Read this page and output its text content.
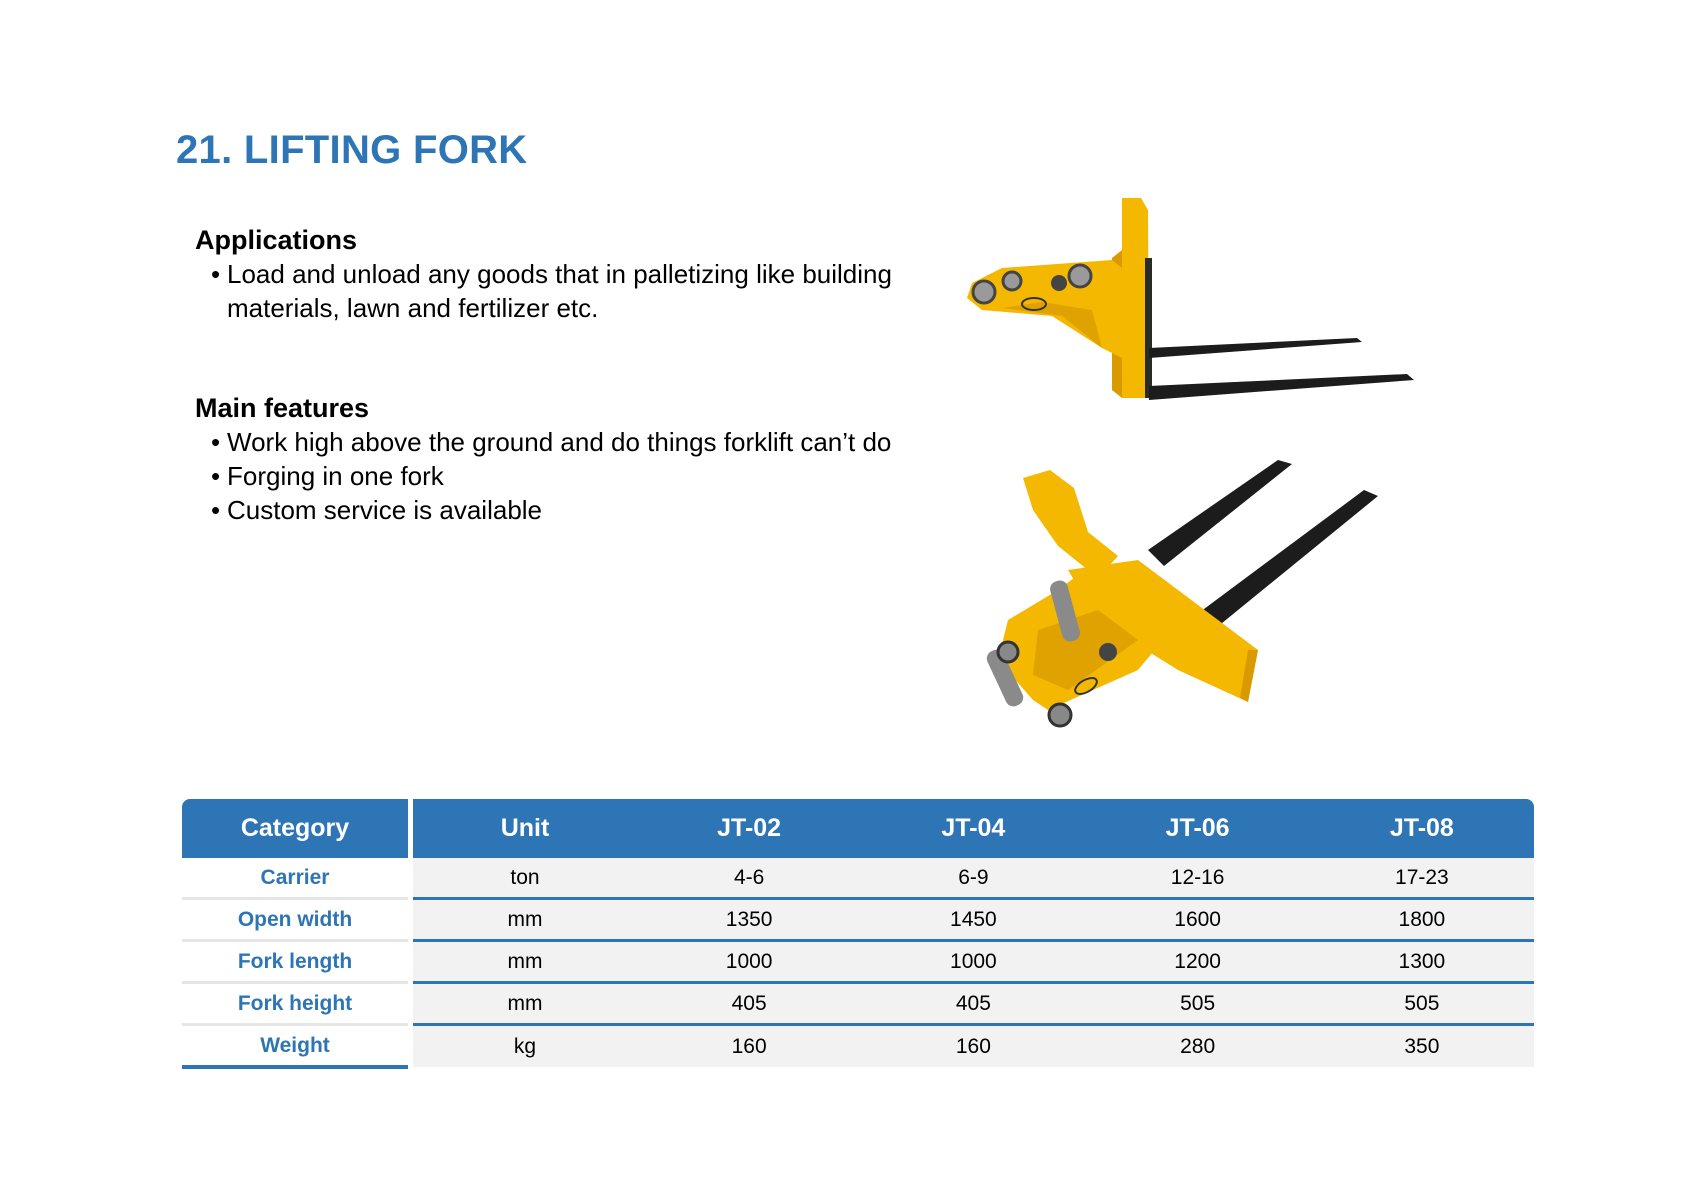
21. LIFTING FORK
Applications
• Load and unload any goods that in palletizing like building materials, lawn and fertilizer etc.
Main features
• Work high above the ground and do things forklift can’t do
• Forging in one fork
• Custom service is available
Category	Unit	JT-02	JT-04	JT-06	JT-08
Carrier	ton	4-6	6-9	12-16	17-23
Open width	mm	1350	1450	1600	1800
Fork length	mm	1000	1000	1200	1300
Fork height	mm	405	405	505	505
Weight	kg	160	160	280	350
